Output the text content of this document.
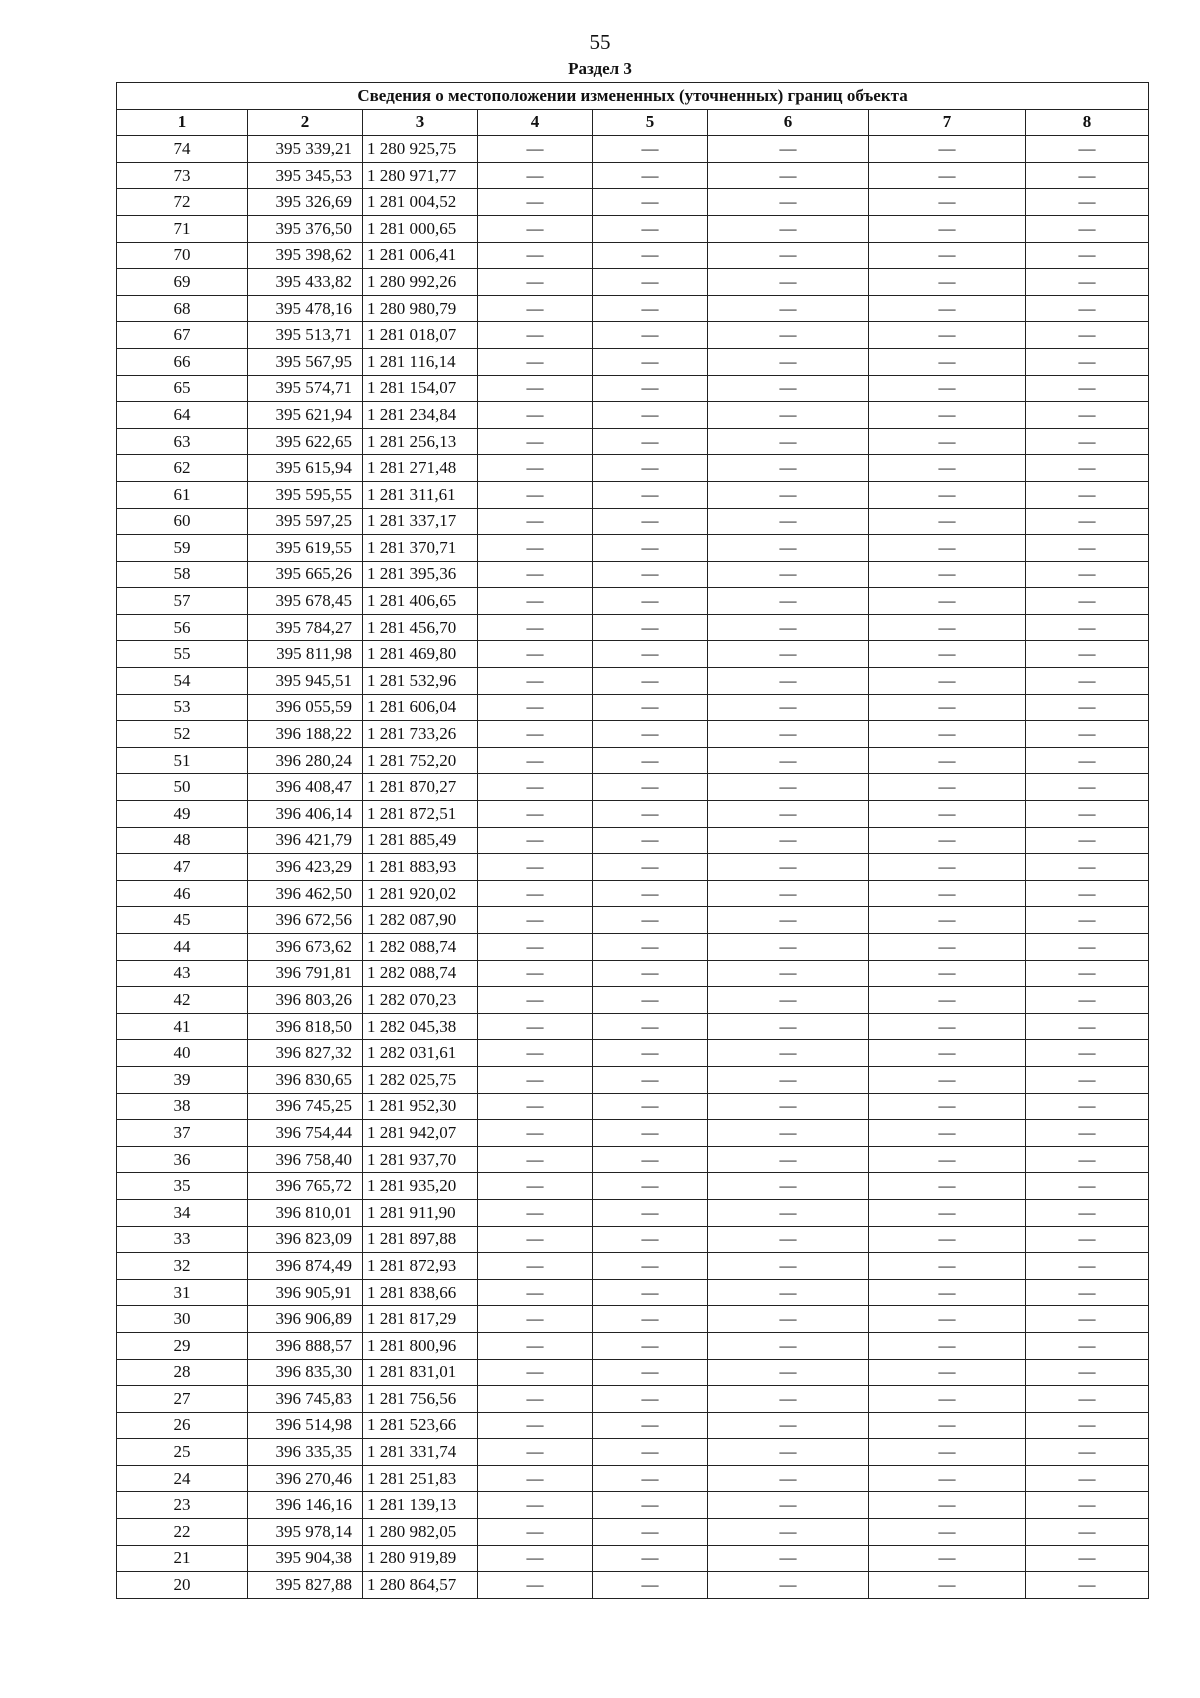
55
Раздел 3
Сведения о местоположении измененных (уточненных) границ объекта							
1	2	3	4	5	6	7	8
74	395 339,21	1 280 925,75	—	—	—	—	—
73	395 345,53	1 280 971,77	—	—	—	—	—
72	395 326,69	1 281 004,52	—	—	—	—	—
71	395 376,50	1 281 000,65	—	—	—	—	—
70	395 398,62	1 281 006,41	—	—	—	—	—
69	395 433,82	1 280 992,26	—	—	—	—	—
68	395 478,16	1 280 980,79	—	—	—	—	—
67	395 513,71	1 281 018,07	—	—	—	—	—
66	395 567,95	1 281 116,14	—	—	—	—	—
65	395 574,71	1 281 154,07	—	—	—	—	—
64	395 621,94	1 281 234,84	—	—	—	—	—
63	395 622,65	1 281 256,13	—	—	—	—	—
62	395 615,94	1 281 271,48	—	—	—	—	—
61	395 595,55	1 281 311,61	—	—	—	—	—
60	395 597,25	1 281 337,17	—	—	—	—	—
59	395 619,55	1 281 370,71	—	—	—	—	—
58	395 665,26	1 281 395,36	—	—	—	—	—
57	395 678,45	1 281 406,65	—	—	—	—	—
56	395 784,27	1 281 456,70	—	—	—	—	—
55	395 811,98	1 281 469,80	—	—	—	—	—
54	395 945,51	1 281 532,96	—	—	—	—	—
53	396 055,59	1 281 606,04	—	—	—	—	—
52	396 188,22	1 281 733,26	—	—	—	—	—
51	396 280,24	1 281 752,20	—	—	—	—	—
50	396 408,47	1 281 870,27	—	—	—	—	—
49	396 406,14	1 281 872,51	—	—	—	—	—
48	396 421,79	1 281 885,49	—	—	—	—	—
47	396 423,29	1 281 883,93	—	—	—	—	—
46	396 462,50	1 281 920,02	—	—	—	—	—
45	396 672,56	1 282 087,90	—	—	—	—	—
44	396 673,62	1 282 088,74	—	—	—	—	—
43	396 791,81	1 282 088,74	—	—	—	—	—
42	396 803,26	1 282 070,23	—	—	—	—	—
41	396 818,50	1 282 045,38	—	—	—	—	—
40	396 827,32	1 282 031,61	—	—	—	—	—
39	396 830,65	1 282 025,75	—	—	—	—	—
38	396 745,25	1 281 952,30	—	—	—	—	—
37	396 754,44	1 281 942,07	—	—	—	—	—
36	396 758,40	1 281 937,70	—	—	—	—	—
35	396 765,72	1 281 935,20	—	—	—	—	—
34	396 810,01	1 281 911,90	—	—	—	—	—
33	396 823,09	1 281 897,88	—	—	—	—	—
32	396 874,49	1 281 872,93	—	—	—	—	—
31	396 905,91	1 281 838,66	—	—	—	—	—
30	396 906,89	1 281 817,29	—	—	—	—	—
29	396 888,57	1 281 800,96	—	—	—	—	—
28	396 835,30	1 281 831,01	—	—	—	—	—
27	396 745,83	1 281 756,56	—	—	—	—	—
26	396 514,98	1 281 523,66	—	—	—	—	—
25	396 335,35	1 281 331,74	—	—	—	—	—
24	396 270,46	1 281 251,83	—	—	—	—	—
23	396 146,16	1 281 139,13	—	—	—	—	—
22	395 978,14	1 280 982,05	—	—	—	—	—
21	395 904,38	1 280 919,89	—	—	—	—	—
20	395 827,88	1 280 864,57	—	—	—	—	—
